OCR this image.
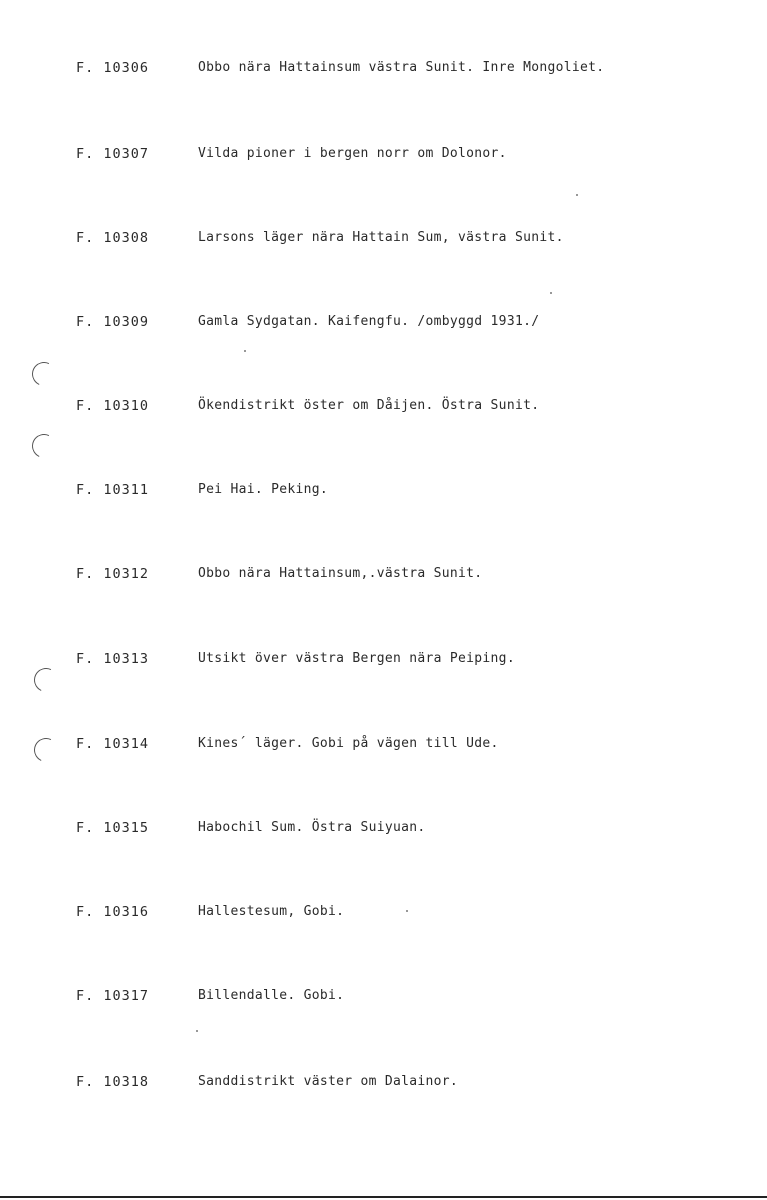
F. 10306	Obbo nära Hattainsum västra Sunit. Inre Mongoliet.
F. 10307	Vilda pioner i bergen norr om Dolonor.
F. 10308	Larsons läger nära Hattain Sum, västra Sunit.
F. 10309	Gamla Sydgatan. Kaifengfu. /ombyggd 1931./
F. 10310	Ökendistrikt öster om Dåijen. Östra Sunit.
F. 10311	Pei Hai. Peking.
F. 10312	Obbo nära Hattainsum,.västra Sunit.
F. 10313	Utsikt över västra Bergen nära Peiping.
F. 10314	Kines´ läger. Gobi på vägen till Ude.
F. 10315	Habochil Sum. Östra Suiyuan.
F. 10316	Hallestesum, Gobi.
F. 10317	Billendalle. Gobi.
F. 10318	Sanddistrikt väster om Dalainor.
